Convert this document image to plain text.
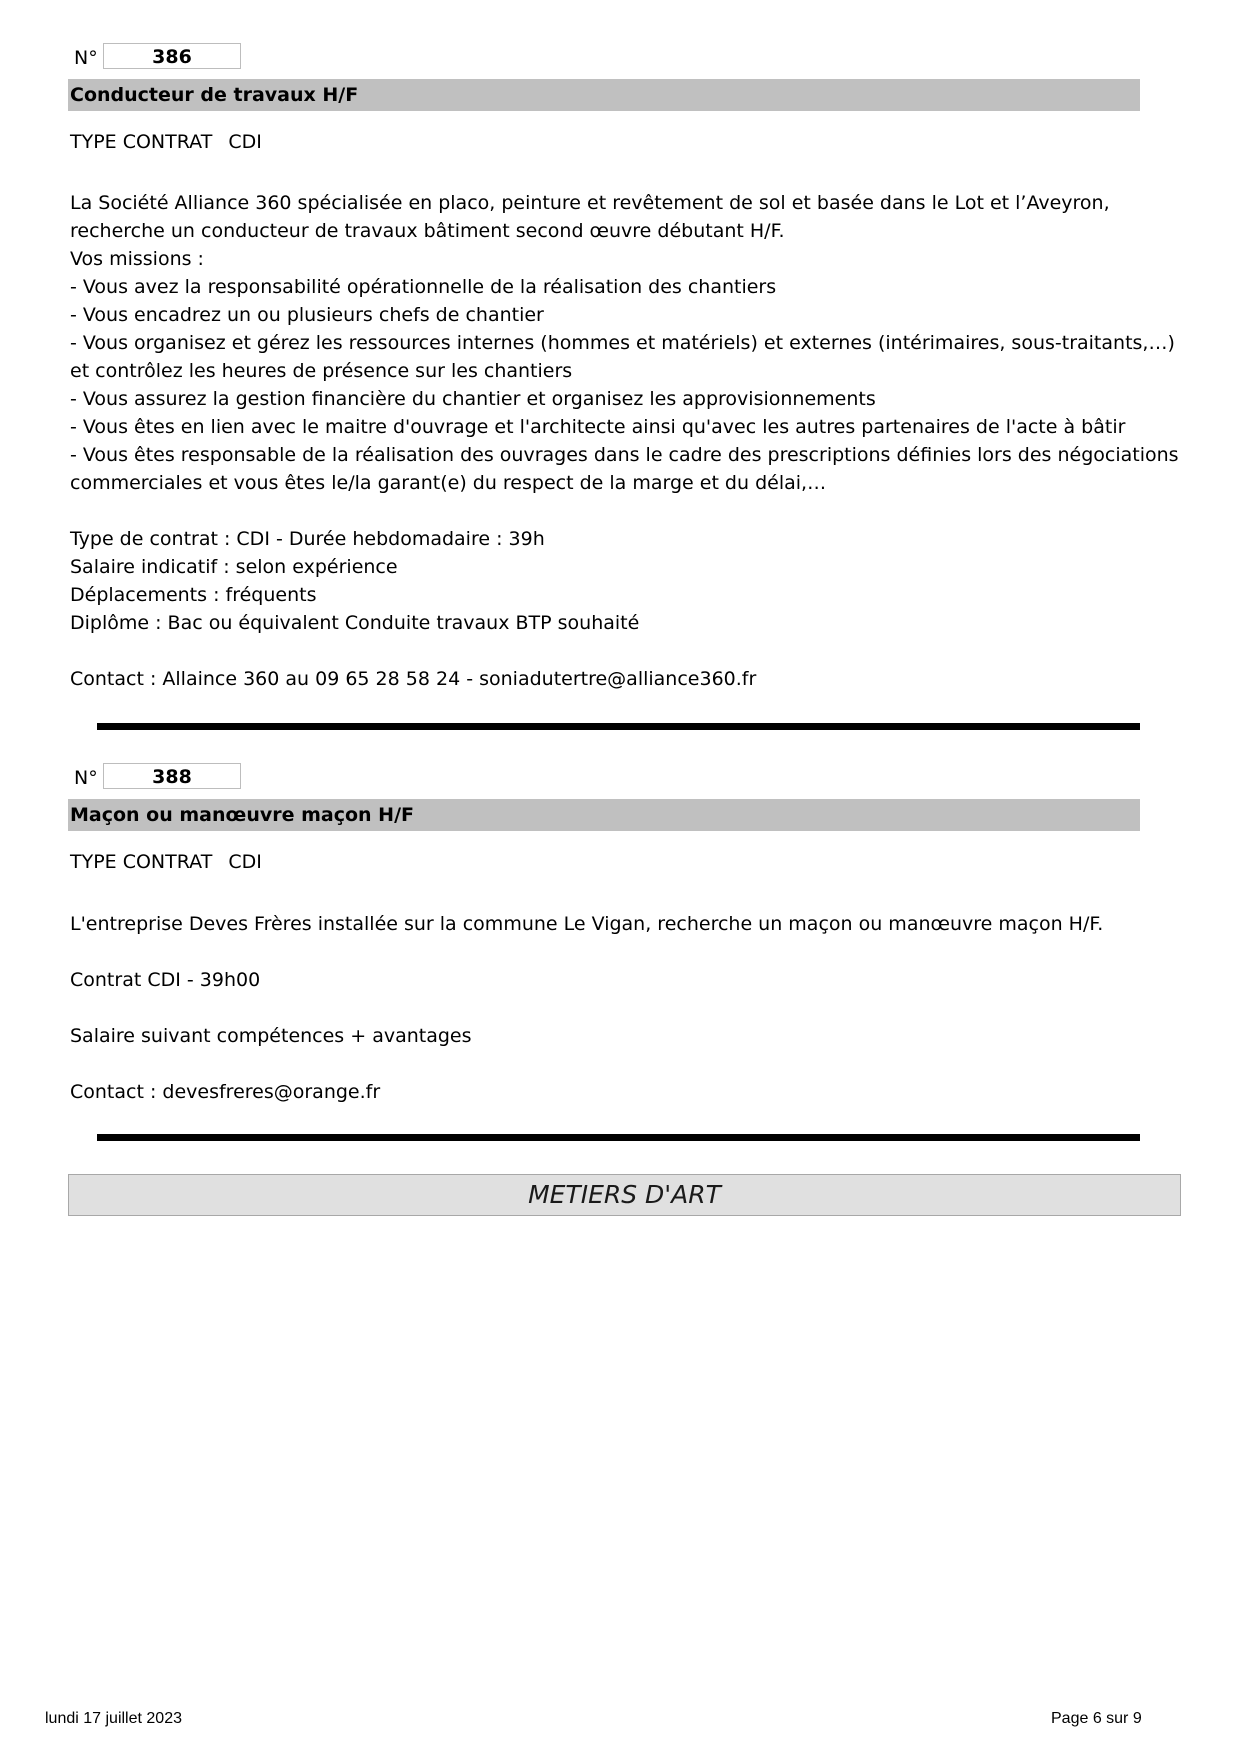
N°	386
Conducteur de travaux H/F
TYPE CONTRAT CDI

La Société Alliance 360 spécialisée en placo, peinture et revêtement de sol et basée dans le Lot et l’Aveyron,

recherche un conducteur de travaux bâtiment second œuvre débutant H/F.

Vos missions :

- Vous avez la responsabilité opérationnelle de la réalisation des chantiers

- Vous encadrez un ou plusieurs chefs de chantier

- Vous organisez et gérez les ressources internes (hommes et matériels) et externes (intérimaires, sous-traitants,…)

et contrôlez les heures de présence sur les chantiers

- Vous assurez la gestion financière du chantier et organisez les approvisionnements

- Vous êtes en lien avec le maitre d'ouvrage et l'architecte ainsi qu'avec les autres partenaires de l'acte à bâtir

- Vous êtes responsable de la réalisation des ouvrages dans le cadre des prescriptions définies lors des négociations

commerciales et vous êtes le/la garant(e) du respect de la marge et du délai,…

Type de contrat : CDI - Durée hebdomadaire : 39h

Salaire indicatif : selon expérience

Déplacements : fréquents

Diplôme : Bac ou équivalent Conduite travaux BTP souhaité

Contact : Allaince 360 au 09 65 28 58 24 - soniadutertre@alliance360.fr

N°	388
Maçon ou manœuvre maçon H/F
TYPE CONTRAT CDI

L'entreprise Deves Frères installée sur la commune Le Vigan, recherche un maçon ou manœuvre maçon H/F.

Contrat CDI - 39h00

Salaire suivant compétences + avantages

Contact : devesfreres@orange.fr

METIERS D'ART
lundi 17 juillet 2023	Page 6 sur 9
